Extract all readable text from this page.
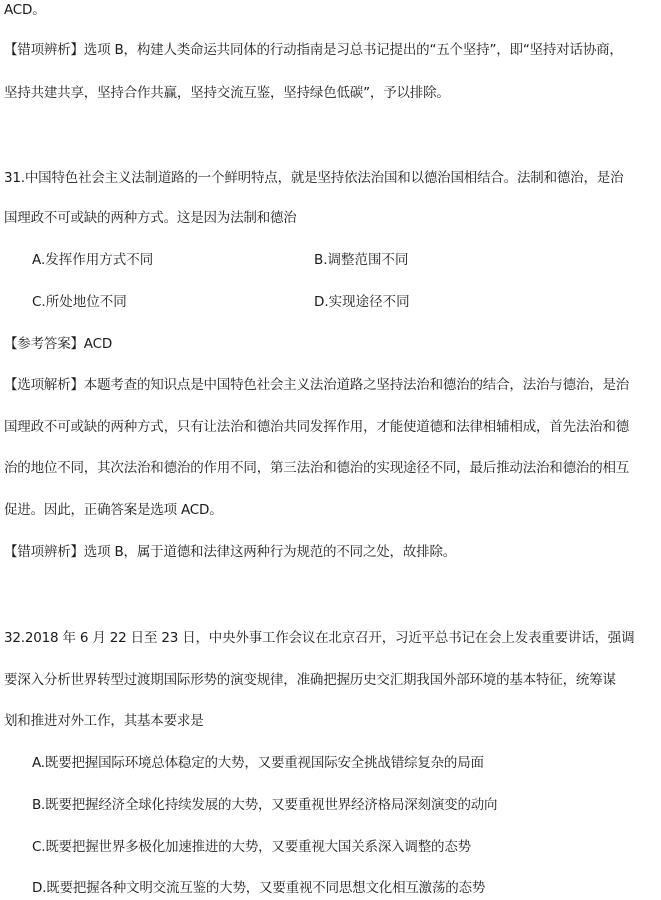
ACD。
【错项辨析】选项 B，构建人类命运共同体的行动指南是习总书记提出的“五个坚持”，即“坚持对话协商，
坚持共建共享，坚持合作共赢，坚持交流互鉴，坚持绿色低碳”，予以排除。
31.中国特色社会主义法制道路的一个鲜明特点，就是坚持依法治国和以德治国相结合。法制和德治，是治
国理政不可或缺的两种方式。这是因为法制和德治
A.发挥作用方式不同	B.调整范围不同
C.所处地位不同	D.实现途径不同
【参考答案】ACD
【选项解析】本题考查的知识点是中国特色社会主义法治道路之坚持法治和德治的结合，法治与德治，是治
国理政不可或缺的两种方式，只有让法治和德治共同发挥作用，才能使道德和法律相辅相成，首先法治和德
治的地位不同，其次法治和德治的作用不同，第三法治和德治的实现途径不同，最后推动法治和德治的相互
促进。因此，正确答案是选项 ACD。
【错项辨析】选项 B，属于道德和法律这两种行为规范的不同之处，故排除。
32.2018 年 6 月 22 日至 23 日，中央外事工作会议在北京召开，习近平总书记在会上发表重要讲话，强调
要深入分析世界转型过渡期国际形势的演变规律，准确把握历史交汇期我国外部环境的基本特征，统筹谋
划和推进对外工作，其基本要求是
A.既要把握国际环境总体稳定的大势，又要重视国际安全挑战错综复杂的局面
B.既要把握经济全球化持续发展的大势，又要重视世界经济格局深刻演变的动向
C.既要把握世界多极化加速推进的大势，又要重视大国关系深入调整的态势
D.既要把握各种文明交流互鉴的大势，又要重视不同思想文化相互激荡的态势
